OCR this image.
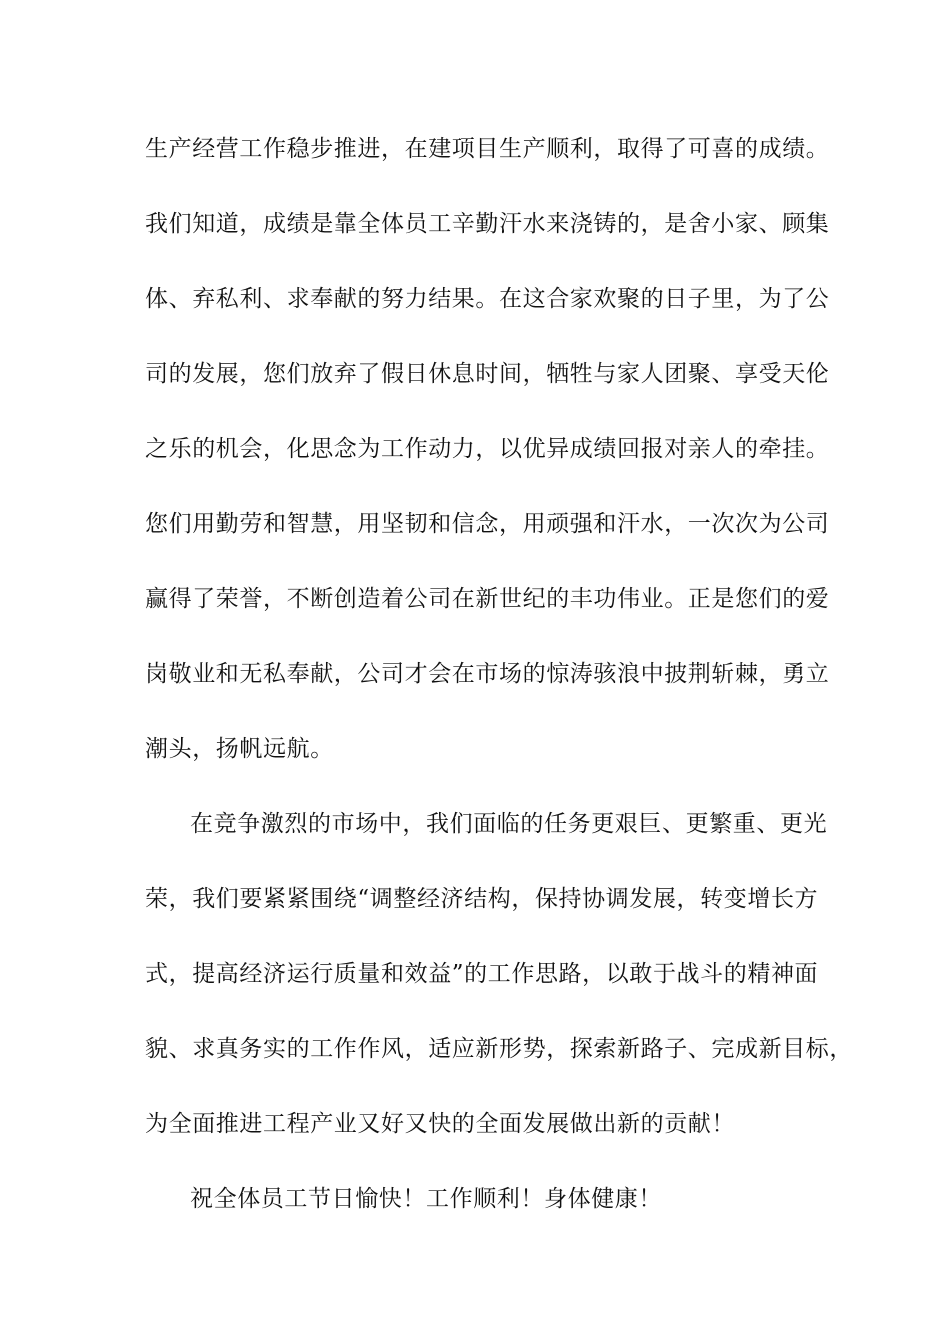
生产经营工作稳步推进，在建项目生产顺利，取得了可喜的成绩。
我们知道，成绩是靠全体员工辛勤汗水来浇铸的，是舍小家、顾集
体、弃私利、求奉献的努力结果。在这合家欢聚的日子里，为了公
司的发展，您们放弃了假日休息时间，牺牲与家人团聚、享受天伦
之乐的机会，化思念为工作动力，以优异成绩回报对亲人的牵挂。
您们用勤劳和智慧，用坚韧和信念，用顽强和汗水，一次次为公司
赢得了荣誉，不断创造着公司在新世纪的丰功伟业。正是您们的爱
岗敬业和无私奉献，公司才会在市场的惊涛骇浪中披荆斩棘，勇立
潮头，扬帆远航。
在竞争激烈的市场中，我们面临的任务更艰巨、更繁重、更光
荣，我们要紧紧围绕“调整经济结构，保持协调发展，转变增长方
式，提高经济运行质量和效益”的工作思路，以敢于战斗的精神面
貌、求真务实的工作作风，适应新形势，探索新路子、完成新目标，
为全面推进工程产业又好又快的全面发展做出新的贡献！
祝全体员工节日愉快！工作顺利！身体健康！
